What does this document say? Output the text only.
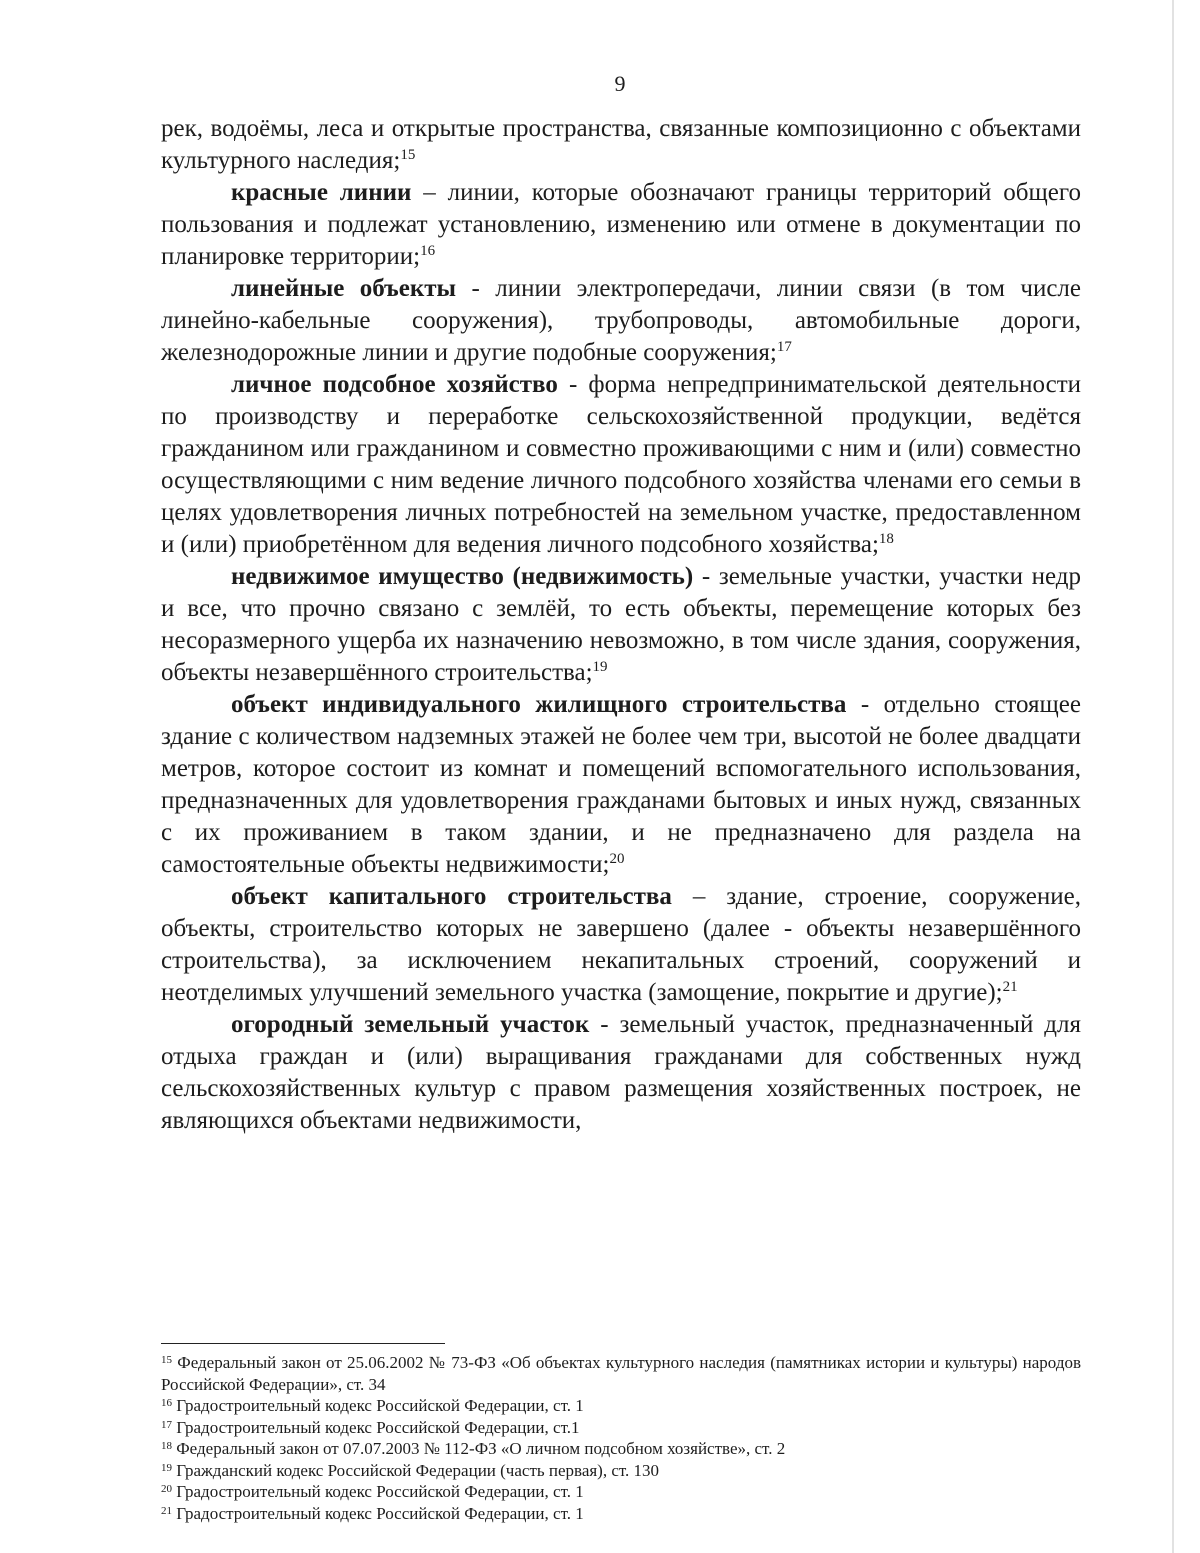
9

рек, водоёмы, леса и открытые пространства, связанные композиционно с объектами культурного наследия;$^{15}$

красные линии – линии, которые обозначают границы территорий общего пользования и подлежат установлению, изменению или отмене в документации по планировке территории;$^{16}$

линейные объекты - линии электропередачи, линии связи (в том числе линейно-кабельные сооружения), трубопроводы, автомобильные дороги, железнодорожные линии и другие подобные сооружения;$^{17}$

личное подсобное хозяйство - форма непредпринимательской деятельности по производству и переработке сельскохозяйственной продукции, ведётся гражданином или гражданином и совместно проживающими с ним и (или) совместно осуществляющими с ним ведение личного подсобного хозяйства членами его семьи в целях удовлетворения личных потребностей на земельном участке, предоставленном и (или) приобретённом для ведения личного подсобного хозяйства;$^{18}$

недвижимое имущество (недвижимость) - земельные участки, участки недр и все, что прочно связано с землёй, то есть объекты, перемещение которых без несоразмерного ущерба их назначению невозможно, в том числе здания, сооружения, объекты незавершённого строительства;$^{19}$

объект индивидуального жилищного строительства - отдельно стоящее здание с количеством надземных этажей не более чем три, высотой не более двадцати метров, которое состоит из комнат и помещений вспомогательного использования, предназначенных для удовлетворения гражданами бытовых и иных нужд, связанных с их проживанием в таком здании, и не предназначено для раздела на самостоятельные объекты недвижимости;$^{20}$

объект капитального строительства – здание, строение, сооружение, объекты, строительство которых не завершено (далее - объекты незавершённого строительства), за исключением некапитальных строений, сооружений и неотделимых улучшений земельного участка (замощение, покрытие и другие);$^{21}$

огородный земельный участок - земельный участок, предназначенный для отдыха граждан и (или) выращивания гражданами для собственных нужд сельскохозяйственных культур с правом размещения хозяйственных построек, не являющихся объектами недвижимости,

$^{15}$ Федеральный закон от 25.06.2002 № 73-ФЗ «Об объектах культурного наследия (памятниках истории и культуры) народов Российской Федерации», ст. 34

$^{16}$ Градостроительный кодекс Российской Федерации, ст. 1

$^{17}$ Градостроительный кодекс Российской Федерации, ст.1

$^{18}$ Федеральный закон от 07.07.2003 № 112-ФЗ «О личном подсобном хозяйстве», ст. 2

$^{19}$ Гражданский кодекс Российской Федерации (часть первая), ст. 130

$^{20}$ Градостроительный кодекс Российской Федерации, ст. 1

$^{21}$ Градостроительный кодекс Российской Федерации, ст. 1
